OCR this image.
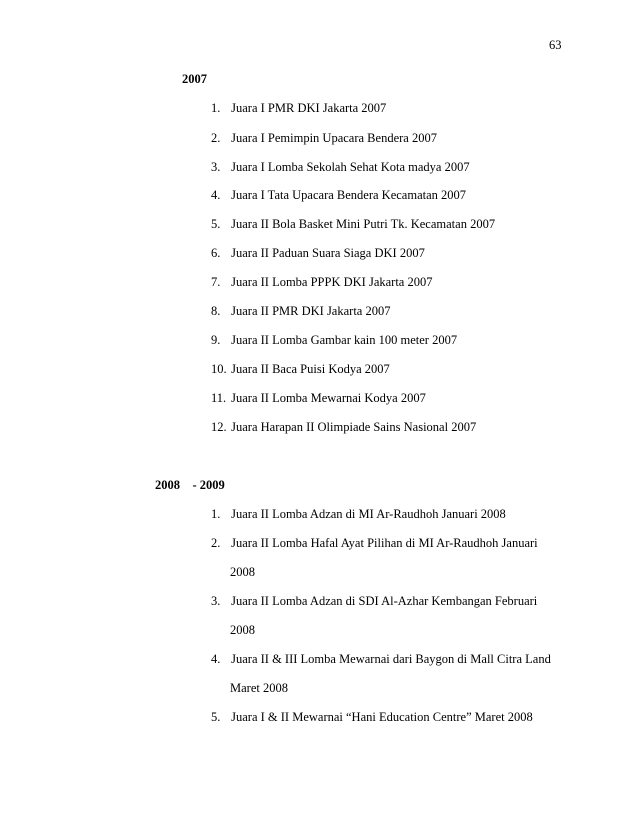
63
2007
1. Juara I PMR DKI Jakarta 2007
2. Juara I Pemimpin Upacara Bendera 2007
3. Juara I Lomba Sekolah Sehat Kota madya 2007
4. Juara I Tata Upacara Bendera Kecamatan 2007
5. Juara II Bola Basket Mini Putri Tk. Kecamatan 2007
6. Juara II Paduan Suara Siaga DKI 2007
7. Juara II Lomba PPPK DKI Jakarta 2007
8. Juara II PMR DKI Jakarta 2007
9. Juara II Lomba Gambar kain 100 meter 2007
10. Juara II Baca Puisi Kodya 2007
11. Juara II Lomba Mewarnai Kodya 2007
12. Juara Harapan II Olimpiade Sains Nasional 2007
2008    - 2009
1. Juara II Lomba Adzan di MI Ar-Raudhoh Januari 2008
2. Juara II Lomba Hafal Ayat Pilihan di MI Ar-Raudhoh Januari
2008
3. Juara II Lomba Adzan di SDI Al-Azhar Kembangan Februari
2008
4. Juara II & III Lomba Mewarnai dari Baygon di Mall Citra Land
Maret 2008
5. Juara I & II Mewarnai “Hani Education Centre” Maret 2008
